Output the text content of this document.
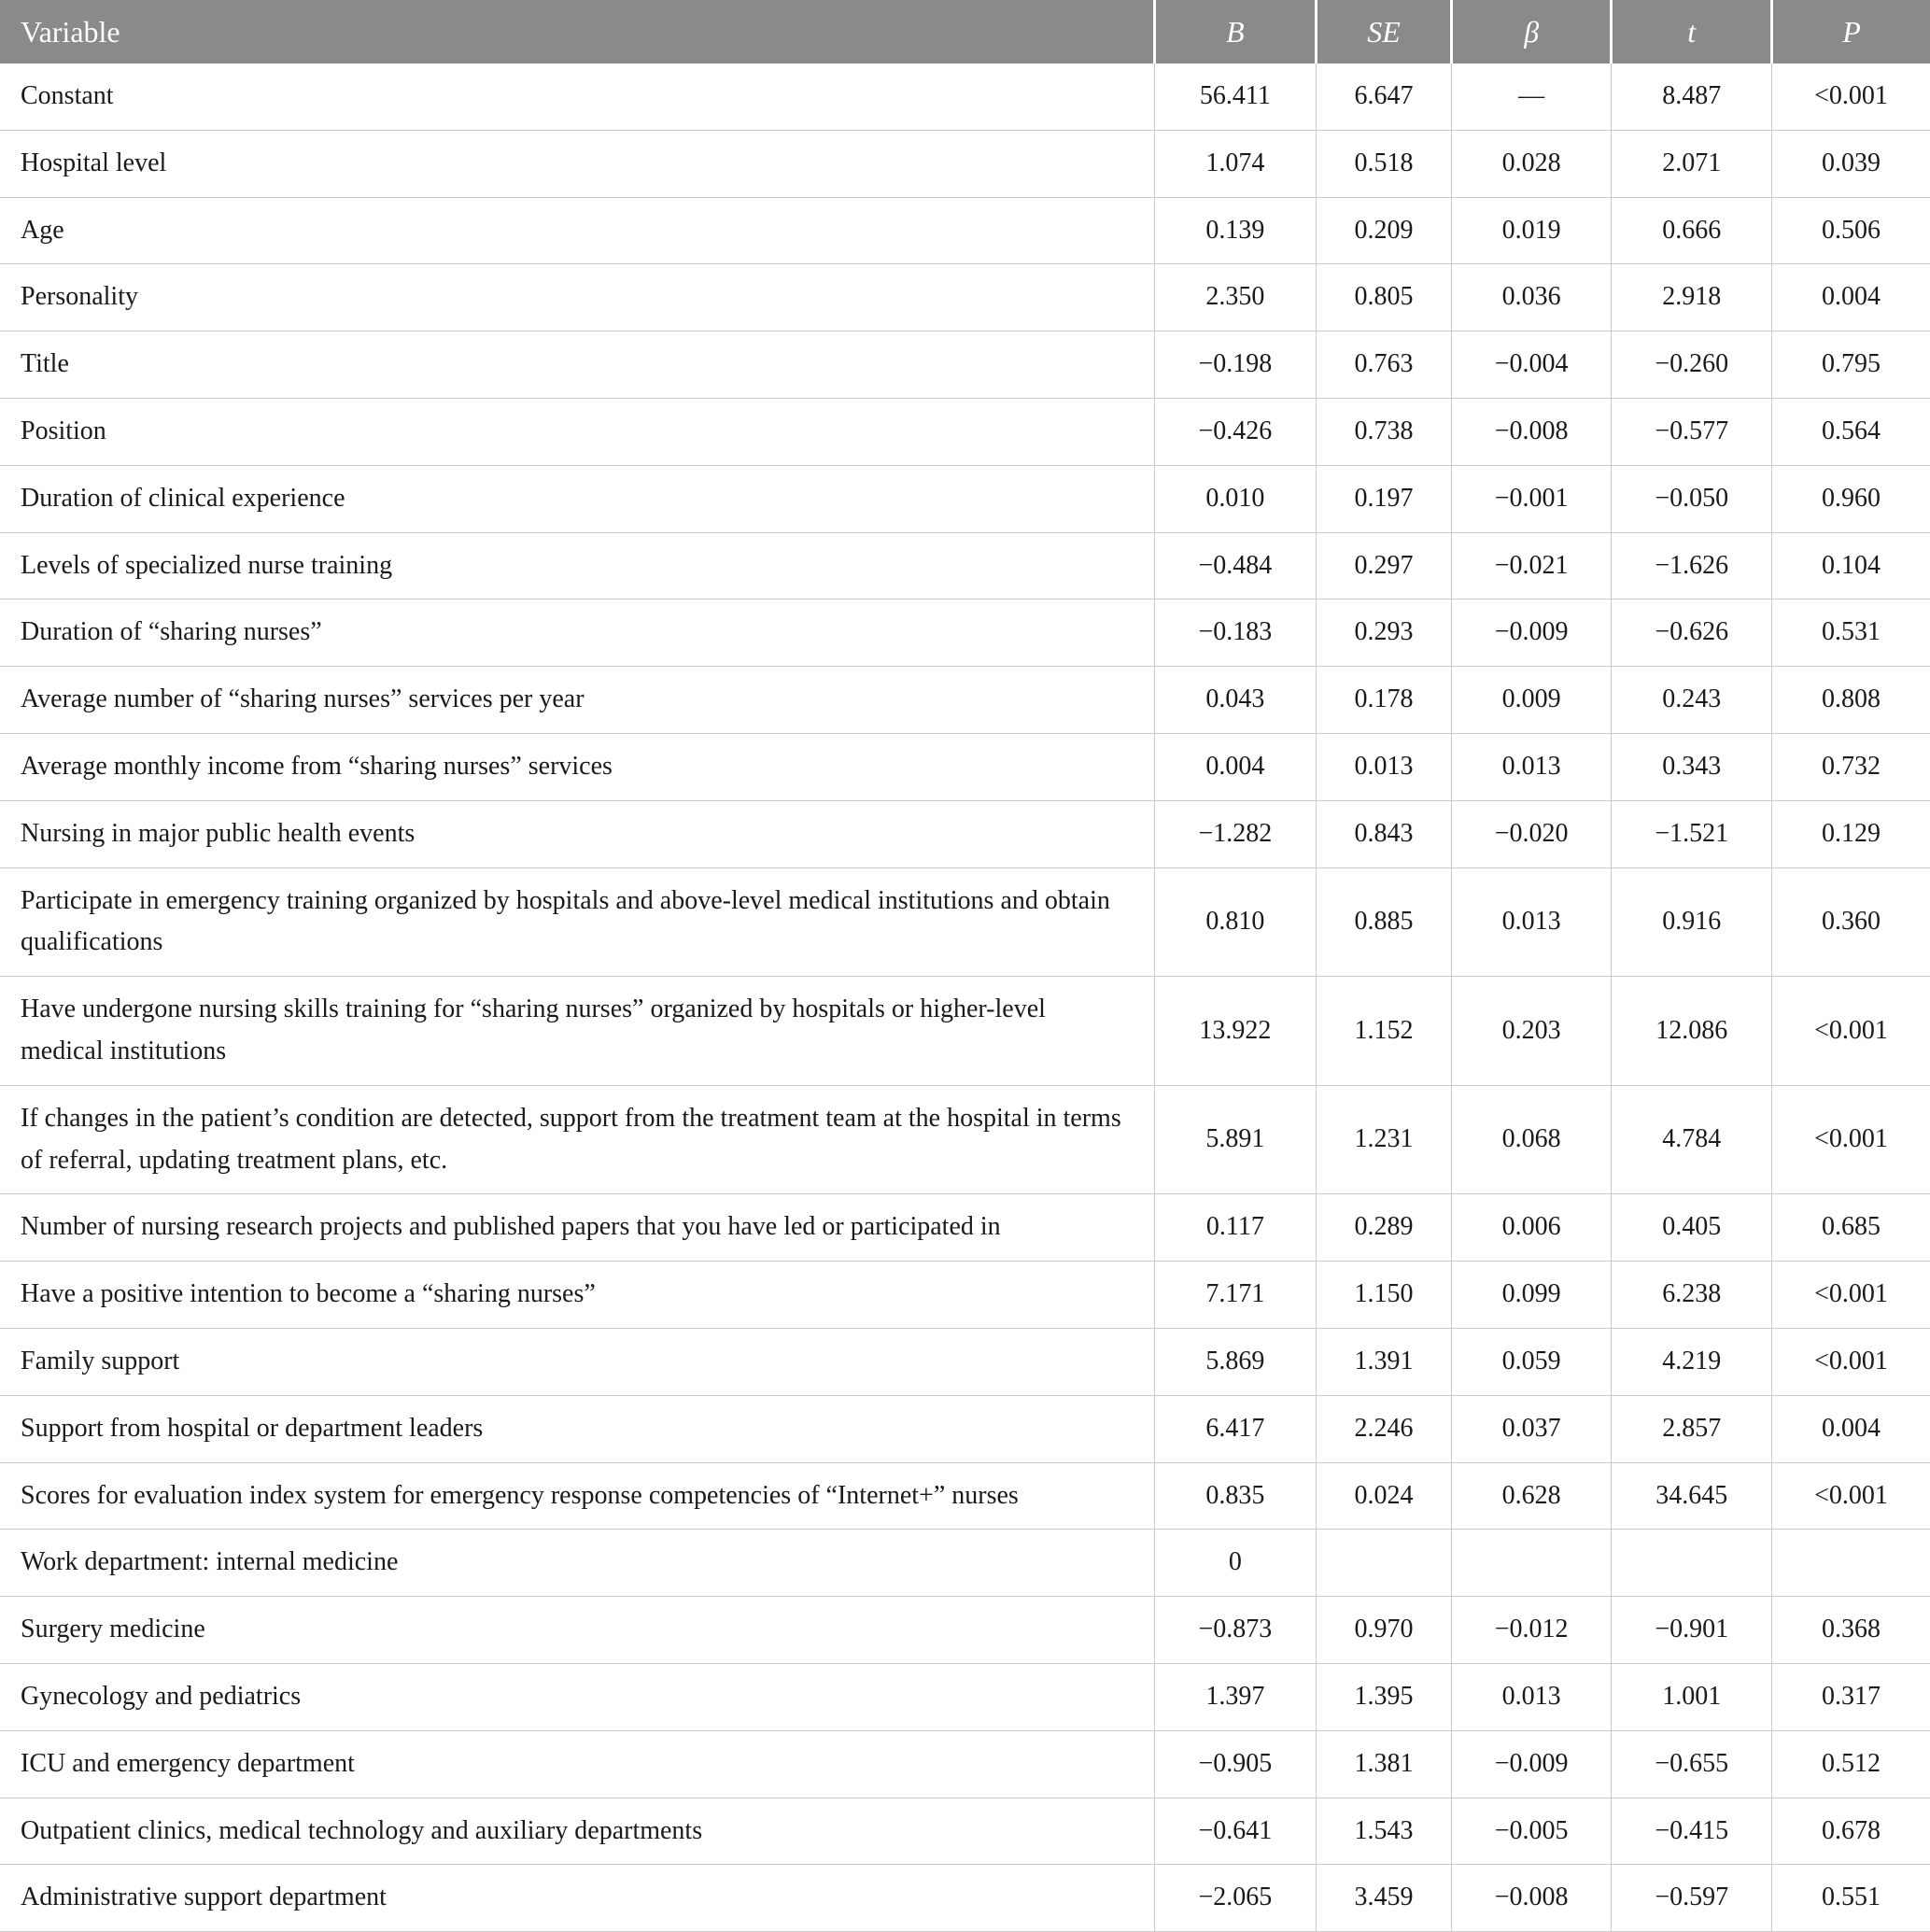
Variable	B	SE	β	t	P
Constant	56.411	6.647	—	8.487	<0.001
Hospital level	1.074	0.518	0.028	2.071	0.039
Age	0.139	0.209	0.019	0.666	0.506
Personality	2.350	0.805	0.036	2.918	0.004
Title	−0.198	0.763	−0.004	−0.260	0.795
Position	−0.426	0.738	−0.008	−0.577	0.564
Duration of clinical experience	0.010	0.197	−0.001	−0.050	0.960
Levels of specialized nurse training	−0.484	0.297	−0.021	−1.626	0.104
Duration of “sharing nurses”	−0.183	0.293	−0.009	−0.626	0.531
Average number of “sharing nurses” services per year	0.043	0.178	0.009	0.243	0.808
Average monthly income from “sharing nurses” services	0.004	0.013	0.013	0.343	0.732
Nursing in major public health events	−1.282	0.843	−0.020	−1.521	0.129
Participate in emergency training organized by hospitals and above-level medical institutions and obtain qualifications	0.810	0.885	0.013	0.916	0.360
Have undergone nursing skills training for “sharing nurses” organized by hospitals or higher-level medical institutions	13.922	1.152	0.203	12.086	<0.001
If changes in the patient’s condition are detected, support from the treatment team at the hospital in terms of referral, updating treatment plans, etc.	5.891	1.231	0.068	4.784	<0.001
Number of nursing research projects and published papers that you have led or participated in	0.117	0.289	0.006	0.405	0.685
Have a positive intention to become a “sharing nurses”	7.171	1.150	0.099	6.238	<0.001
Family support	5.869	1.391	0.059	4.219	<0.001
Support from hospital or department leaders	6.417	2.246	0.037	2.857	0.004
Scores for evaluation index system for emergency response competencies of “Internet+” nurses	0.835	0.024	0.628	34.645	<0.001
Work department: internal medicine	0				
Surgery medicine	−0.873	0.970	−0.012	−0.901	0.368
Gynecology and pediatrics	1.397	1.395	0.013	1.001	0.317
ICU and emergency department	−0.905	1.381	−0.009	−0.655	0.512
Outpatient clinics, medical technology and auxiliary departments	−0.641	1.543	−0.005	−0.415	0.678
Administrative support department	−2.065	3.459	−0.008	−0.597	0.551
